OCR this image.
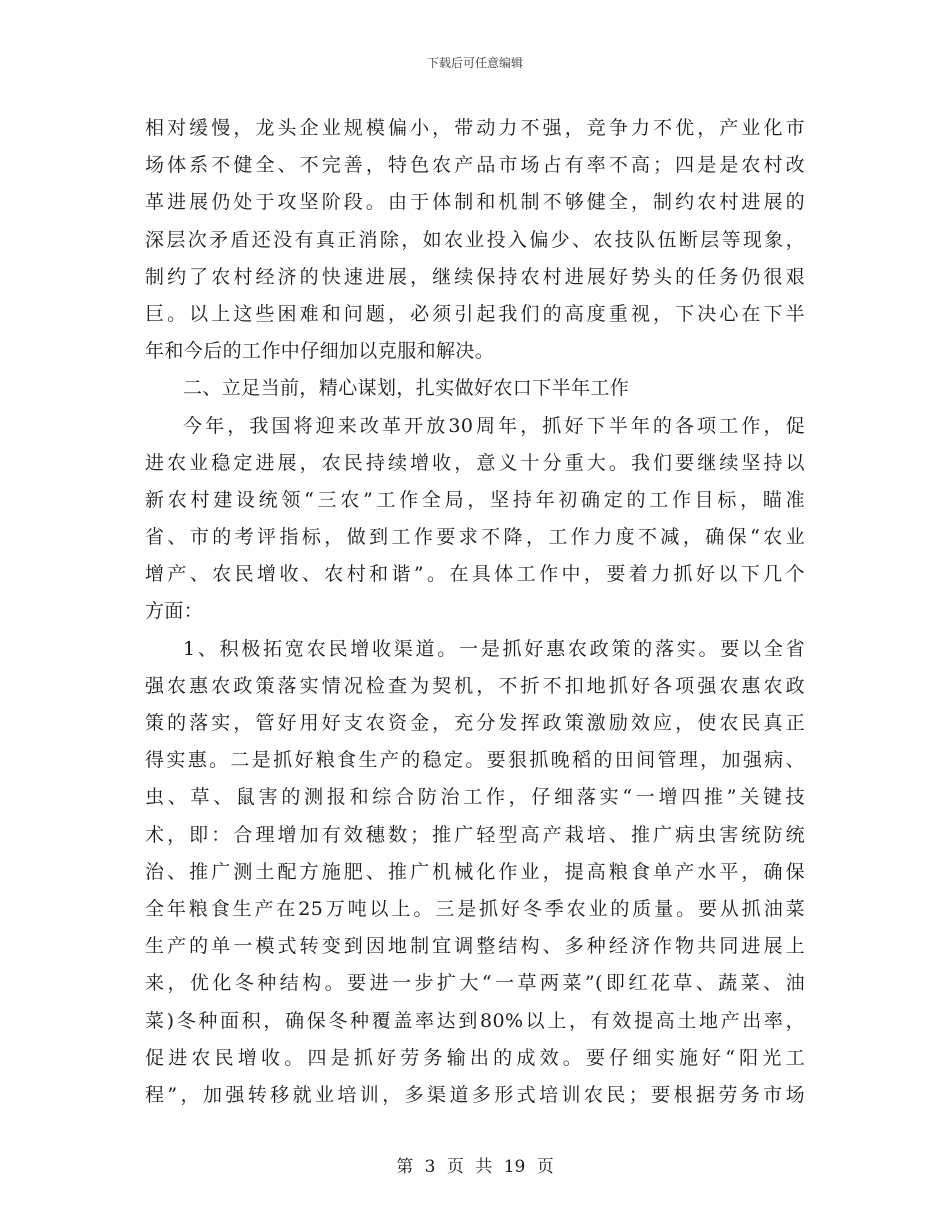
下载后可任意编辑
相对缓慢，龙头企业规模偏小，带动力不强，竞争力不优，产业化市
场体系不健全、不完善，特色农产品市场占有率不高；四是是农村改
革进展仍处于攻坚阶段。由于体制和机制不够健全，制约农村进展的
深层次矛盾还没有真正消除，如农业投入偏少、农技队伍断层等现象，
制约了农村经济的快速进展，继续保持农村进展好势头的任务仍很艰
巨。以上这些困难和问题，必须引起我们的高度重视，下决心在下半
年和今后的工作中仔细加以克服和解决。
二、立足当前，精心谋划，扎实做好农口下半年工作
今年，我国将迎来改革开放30周年，抓好下半年的各项工作，促
进农业稳定进展，农民持续增收，意义十分重大。我们要继续坚持以
新农村建设统领“三农”工作全局，坚持年初确定的工作目标，瞄准
省、市的考评指标，做到工作要求不降，工作力度不减，确保“农业
增产、农民增收、农村和谐”。在具体工作中，要着力抓好以下几个
方面：
1、积极拓宽农民增收渠道。一是抓好惠农政策的落实。要以全省
强农惠农政策落实情况检查为契机，不折不扣地抓好各项强农惠农政
策的落实，管好用好支农资金，充分发挥政策激励效应，使农民真正
得实惠。二是抓好粮食生产的稳定。要狠抓晚稻的田间管理，加强病、
虫、草、鼠害的测报和综合防治工作，仔细落实“一增四推”关键技
术，即：合理增加有效穗数；推广轻型高产栽培、推广病虫害统防统
治、推广测土配方施肥、推广机械化作业，提高粮食单产水平，确保
全年粮食生产在25万吨以上。三是抓好冬季农业的质量。要从抓油菜
生产的单一模式转变到因地制宜调整结构、多种经济作物共同进展上
来，优化冬种结构。要进一步扩大“一草两菜”(即红花草、蔬菜、油
菜)冬种面积，确保冬种覆盖率达到80%以上，有效提高土地产出率，
促进农民增收。四是抓好劳务输出的成效。要仔细实施好“阳光工
程”，加强转移就业培训，多渠道多形式培训农民；要根据劳务市场
第 3 页 共 19 页
